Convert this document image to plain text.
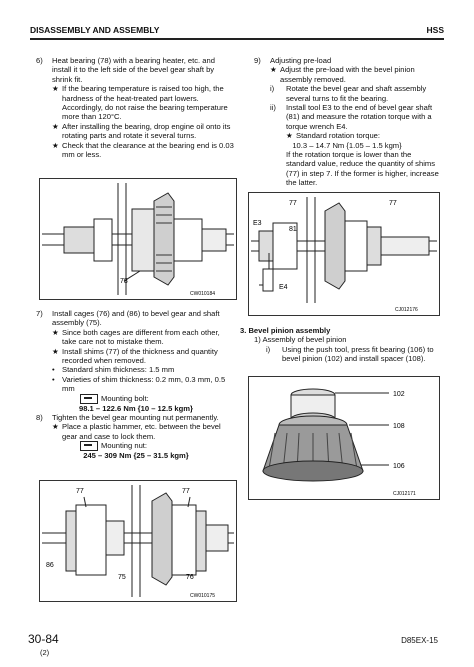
DISASSEMBLY AND ASSEMBLY	HSS
6) Heat bearing (78) with a bearing heater, etc. and install it to the left side of the bevel gear shaft by shrink fit.

★ If the bearing temperature is raised too high, the hardness of the heat-treated part lowers. Accordingly, do not raise the bearing temperature more than 120°C.

★ After installing the bearing, drop engine oil onto its rotating parts and rotate it several turns.

★ Check that the clearance at the bearing end is 0.03 mm or less.

78
CW010184
7) Install cages (76) and (86) to bevel gear and shaft assembly (75).

★ Since both cages are different from each other, take care not to mistake them.

★ Install shims (77) of the thickness and quantity recorded when removed.

• Standard shim thickness: 1.5 mm

• Varieties of shim thickness: 0.2 mm, 0.3 mm, 0.5 mm

Mounting bolt:

98.1 – 122.6 Nm {10 – 12.5 kgm}

8) Tighten the bevel gear mounting nut permanently.

★ Place a plastic hammer, etc. between the bevel gear and case to lock them.

Mounting nut:

245 – 309 Nm {25 – 31.5 kgm}

77	77
86
75	76
CW010175
9) Adjusting pre-load

★ Adjust the pre-load with the bevel pinion assembly removed.

i) Rotate the bevel gear and shaft assembly several turns to fit the bearing.

ii) Install tool E3 to the end of bevel gear shaft (81) and measure the rotation torque with a torque wrench E4.

★ Standard rotation torque:

10.3 – 14.7 Nm {1.05 – 1.5 kgm}

If the rotation torque is lower than the standard value, reduce the quantity of shims (77) in step 7. If the former is higher, increase the latter.

77	77
E3
81
E4
CJ012176

3. Bevel pinion assembly

1) Assembly of bevel pinion

i) Using the push tool, press fit bearing (106) to bevel pinion (102) and install spacer (108).

102
108
106
CJ012171
30-84
(2)
D85EX-15
